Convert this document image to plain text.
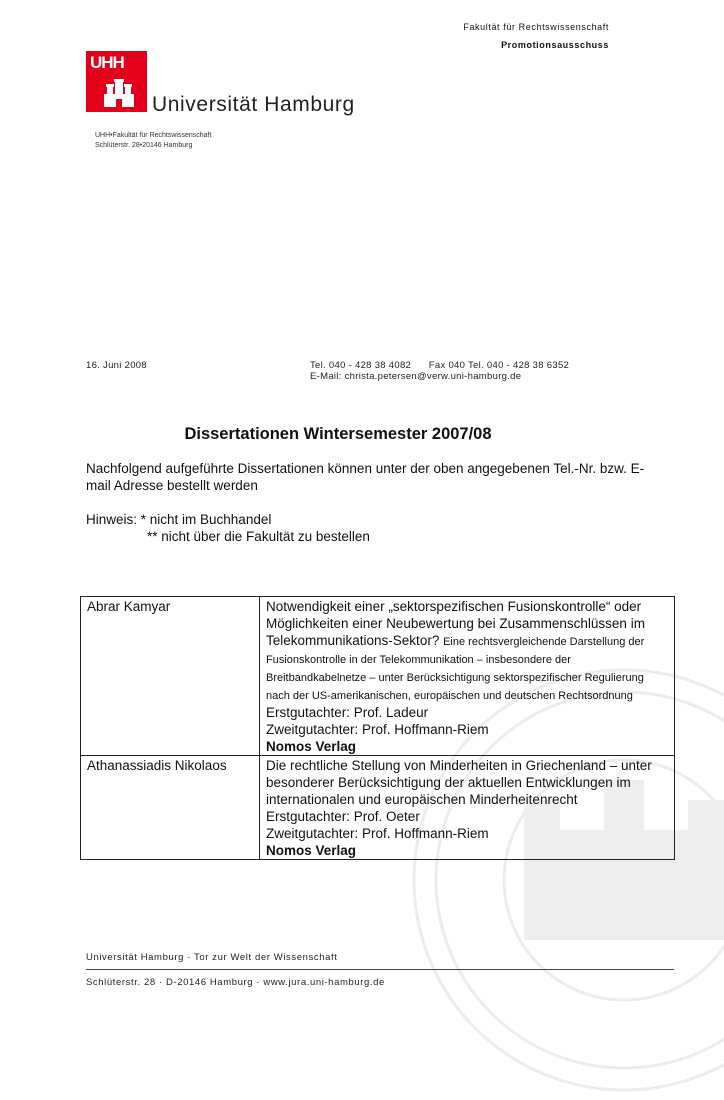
Fakultät für Rechtswissenschaft
Promotionsausschuss
UHH
Universität Hamburg
UHH•Fakultät für Rechtswissenschaft
Schlüterstr. 28•20146 Hamburg
16. Juni 2008	Tel. 040 - 428 38 4082      Fax 040 Tel. 040 - 428 38 6352
E-Mail: christa.petersen@verw.uni-hamburg.de
Dissertationen Wintersemester 2007/08
Nachfolgend aufgeführte Dissertationen können unter der oben angegebenen Tel.-Nr. bzw. E-mail Adresse bestellt werden
Hinweis: * nicht im Buchhandel
** nicht über die Fakultät zu bestellen
Abrar Kamyar	Notwendigkeit einer „sektorspezifischen Fusionskontrolle“ oder Möglichkeiten einer Neubewertung bei Zusammenschlüssen im Telekommunikations-Sektor? Eine rechtsvergleichende Darstellung der Fusionskontrolle in der Telekommunikation – insbesondere der Breitbandkabelnetze – unter Berücksichtigung sektorspezifischer Regulierung nach der US-amerikanischen, europäischen und deutschen Rechtsordnung
Erstgutachter: Prof. Ladeur
Zweitgutachter: Prof. Hoffmann-Riem
Nomos Verlag

Athanassiadis Nikolaos	Die rechtliche Stellung von Minderheiten in Griechenland – unter besonderer Berücksichtigung der aktuellen Entwicklungen im internationalen und europäischen Minderheitenrecht
Erstgutachter: Prof. Oeter
Zweitgutachter: Prof. Hoffmann-Riem
Nomos Verlag
Universität Hamburg · Tor zur Welt der Wissenschaft
Schlüterstr. 28 · D-20146 Hamburg · www.jura.uni-hamburg.de
